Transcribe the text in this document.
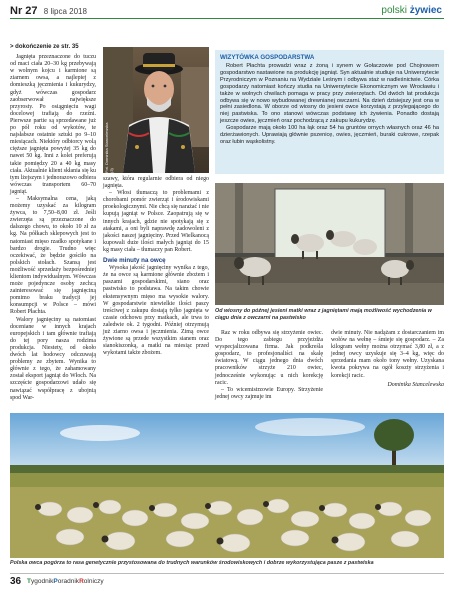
Nr 27 8 lipca 2018	polski żywiec
> dokończenie ze str. 35

Jagnięta przeznaczone do tuczu od maci ciała 20–30 kg przebywają w wolnym kojcu i karmione są ziarnem owsa, a najlepiej z domieszką jęczmienia i kukurydzy, gdyż wówczas gospodarz zaobserwował największe przyrosty. Po osiągnięciu wagi docelowej trafiają do rzeźni. Pierwsze partie są sprzedawane już po pół roku od wykotów, te najsłabsze ostatnie sztuki po 9–10 miesiącach. Niektóry odbiorcy wolą cięższe jagnięta powyżej 35 kg do nawet 50 kg. Inni z kolei preferują takie pomiędzy 20 a 40 kg masy ciała. Aktualnie klient skłania się ku tym lżejszym i jednorazowo odbiera wówczas transportem 60–70 jagniąt.

– Maksymalna cena, jaką możemy uzyskać za kilogram żywca, to 7,50–8,00 zł. Jeśli zwierzęta są przeznaczone do dalszego chowu, to około 10 zł za kg. Na półkach sklepowych jest to natomiast mięso rzadko spotykane i bardzo drogie. Trudno więc oczekiwać, że będzie gościło na polskich stołach. Szansą jest możliwość sprzedaży bezpośredniej klientom indywidualnym. Wówczas może pojedyncze osoby zechcą zainteresować się jagnięciną pomimo braku tradycji jej konsumpcji w Polsce – mówi Robert Płachta.

Walory jagnięciny są natomiast doceniane w innych krajach europejskich i tam głównie trafiają do tej pory nasza rodzima produkcja. Niestety, od około dwóch lat hodowcy odczuwają problemy ze zbytem. Wynika to głównie z tego, że zahamowany został eksport jagniąt do Włoch. Na szczęście gospodarzowi udało się nawiązać współpracę z ubojnią spod War-

Fot. Dominika Stancelewska (3)

szawy, która regularnie odbiera od niego jagnięta.

– Włosi tłumaczą to problemami z chorobami pomór zwierząt i środowiskami proekologicznymi. Nie chcą się narażać i nie kupują jagniąt w Polsce. Zaopatrują się w innych krajach, gdzie nie spotykają się z atakami, a oni byli naprawdę zadowoleni z jakości naszej jagnięciny. Przed Wielkanocą kupowali duże ilości małych jagniąt do 15 kg masy ciała – tłumaczy pan Robert.

Dwie minuty na owcę

Wysoka jakość jagnięciny wynika z tego, że na owce są karmione głównie zbożem i paszami gospodarskimi, siano oraz pastwisko to podstawa. Na takim chowie ekstensywnym mięso ma wysokie walory. W gospodarstwie niewielkie ilości paszy treściwej z zakupu dostają tylko jagnięta w czasie odchowu przy matkach, ale trwa to zaledwie ok. 2 tygodni. Później otrzymują już ziarno owsa i jęczmienia. Zimą owce żywione są przede wszystkim sianem oraz sianokiszonką, a matki na miesiąc przed wykotami także zbożem.

WIZYTÓWKA GOSPODARSTWA

Robert Płachta prowadzi wraz z żoną i synem w Gołaczowie pod Chojnowem gospodarstwo nastawione na produkcję jagniąt. Syn aktualnie studiuje na Uniwersytecie Przyrodniczym w Poznaniu na Wydziale Leśnym i odbywa staż w nadleśnictwie. Córka gospodarzy natomiast kończy studia na Uniwersytecie Ekonomicznym we Wrocławiu i także w wolnych chwilach pomaga w pracy przy zwierzętach. Od dwóch lat produkcja odbywa się w nowo wybudowanej drewnianej owczarni. Na dzień dzisiejszy jest ona w pełni zasiedlona. W oborze od wiosny do jesieni owce korzystają z przylegającego do niej pastwiska. To ono stanowi wówczas podstawę ich żywienia. Ponadto dostają jeszcze owies, jęczmień oraz pochodzącą z zakupu kukurydzę.

Gospodarze mają około 100 ha łąk oraz 54 ha gruntów ornych własnych oraz 46 ha dzierżawionych. Uprawiają głównie pszenicę, owies, jęczmień, buraki cukrowe, rzepak oraz łubin wąskolistny.

Od wiosny do późnej jesieni matki wraz z jagniętami mają możliwość wychodzenia w ciągu dnia z owczarni na pastwisko

Raz w roku odbywa się strzyżenie owiec. Do tego zabiegu przyjeżdża wyspecjalizowana firma. Jak podkreśla gospodarz, to profesjonaliści na skalę światową. W ciągu jednego dnia dwóch pracowników strzyże 210 owiec, jednocześnie wykonując u nich korekcję racic.

– To wicemistrzowie Europy. Strzyżenie jednej owcy zajmuje im

dwie minuty. Nie nadążam z dostarczaniem im wołów na wełnę – śmieje się gospodarz. – Za kilogram wełny można otrzymać 3,80 zł, a z jednej owcy uzyskuje się 3–4 kg, więc do sprzedania mam około tony wełny. Uzyskana kwota pokrywa na ogół koszty strzyżenia i korekcji racic.

Dominika Stancelewska
Polska owca pogórza to rasa genetycznie przystosowana do trudnych warunków środowiskowych i dobrze wykorzystująca pasze z pastwiska
36 TygodnikPoradnikRolniczy
